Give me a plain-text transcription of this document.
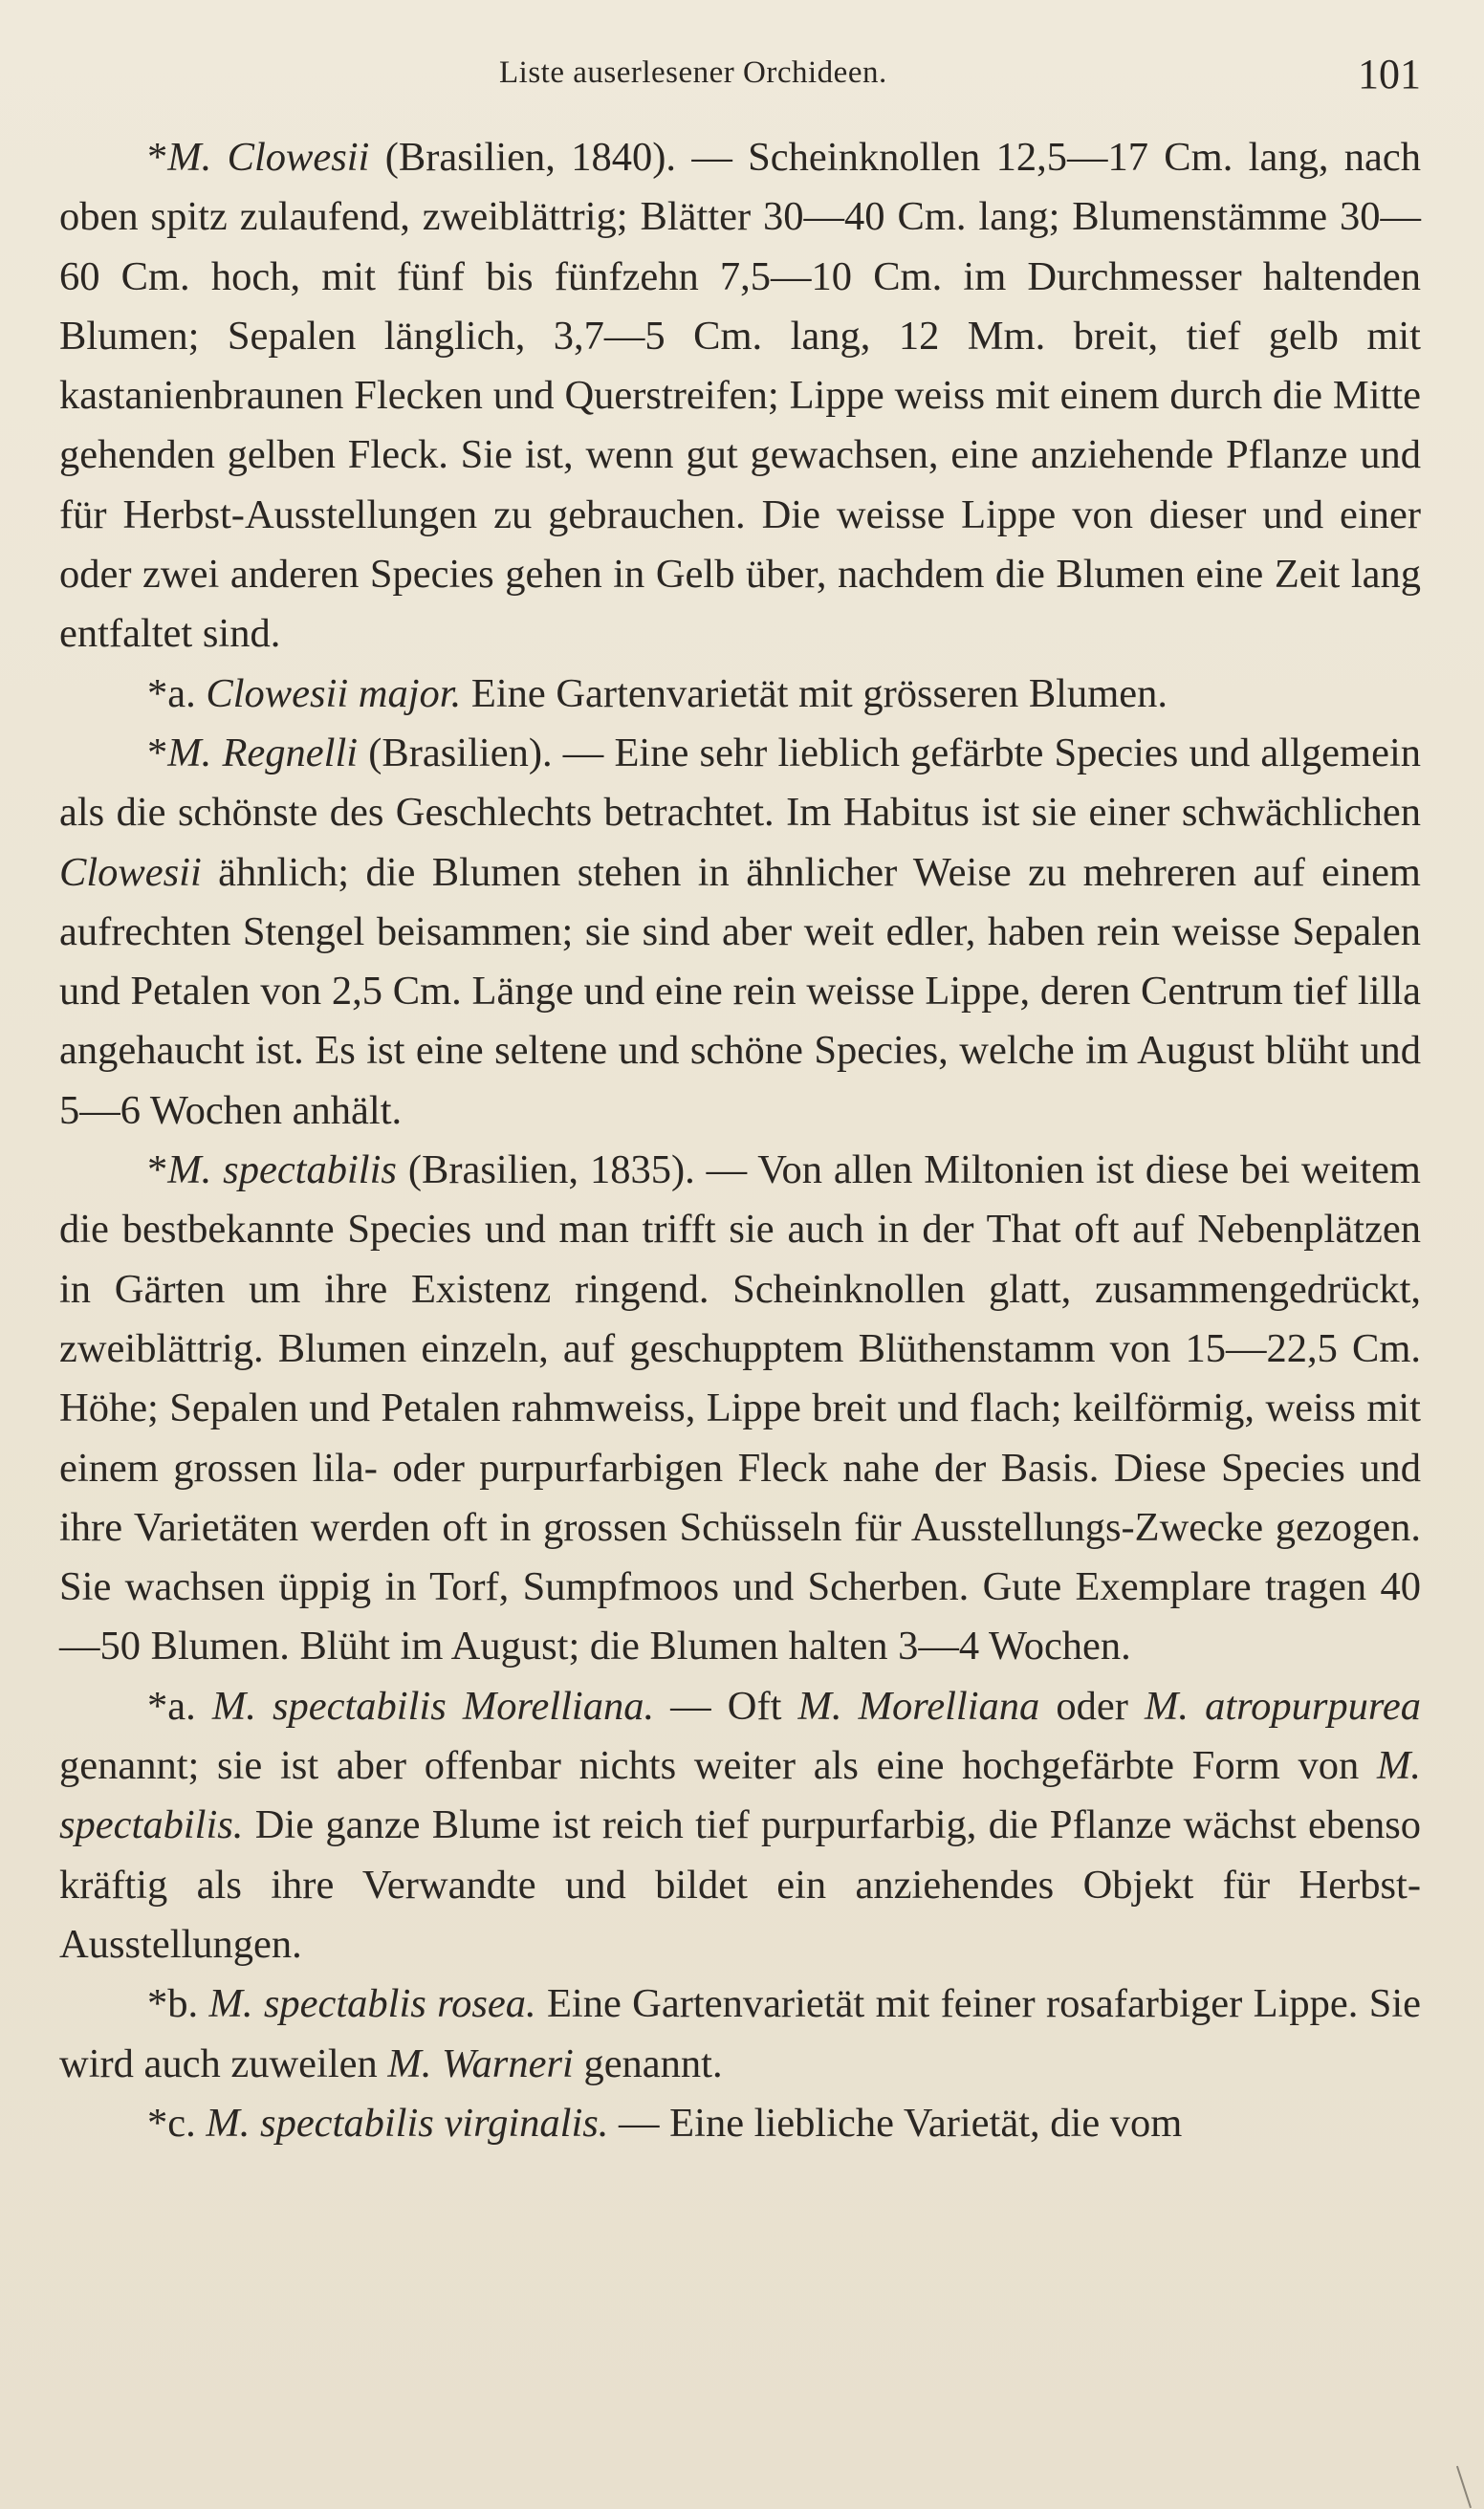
Liste auserlesener Orchideen.	101

*M. Clowesii (Brasilien, 1840). — Scheinknollen 12,5—17 Cm. lang, nach oben spitz zulaufend, zweiblättrig; Blätter 30—40 Cm. lang; Blumenstämme 30—60 Cm. hoch, mit fünf bis fünfzehn 7,5—10 Cm. im Durchmesser haltenden Blumen; Sepalen länglich, 3,7—5 Cm. lang, 12 Mm. breit, tief gelb mit kastanienbraunen Flecken und Querstreifen; Lippe weiss mit einem durch die Mitte gehenden gelben Fleck. Sie ist, wenn gut gewachsen, eine anziehende Pflanze und für Herbst-Ausstellungen zu gebrauchen. Die weisse Lippe von dieser und einer oder zwei anderen Species gehen in Gelb über, nachdem die Blumen eine Zeit lang entfaltet sind.

*a. Clowesii major. Eine Gartenvarietät mit grösseren Blumen.

*M. Regnelli (Brasilien). — Eine sehr lieblich gefärbte Species und allgemein als die schönste des Geschlechts betrachtet. Im Habitus ist sie einer schwächlichen Clowesii ähnlich; die Blumen stehen in ähnlicher Weise zu mehreren auf einem aufrechten Stengel beisammen; sie sind aber weit edler, haben rein weisse Sepalen und Petalen von 2,5 Cm. Länge und eine rein weisse Lippe, deren Centrum tief lilla angehaucht ist. Es ist eine seltene und schöne Species, welche im August blüht und 5—6 Wochen anhält.

*M. spectabilis (Brasilien, 1835). — Von allen Miltonien ist diese bei weitem die bestbekannte Species und man trifft sie auch in der That oft auf Nebenplätzen in Gärten um ihre Existenz ringend. Scheinknollen glatt, zusammengedrückt, zweiblättrig. Blumen einzeln, auf geschupptem Blüthenstamm von 15—22,5 Cm. Höhe; Sepalen und Petalen rahmweiss, Lippe breit und flach; keilförmig, weiss mit einem grossen lila- oder purpurfarbigen Fleck nahe der Basis. Diese Species und ihre Varietäten werden oft in grossen Schüsseln für Ausstellungs-Zwecke gezogen. Sie wachsen üppig in Torf, Sumpfmoos und Scherben. Gute Exemplare tragen 40—50 Blumen. Blüht im August; die Blumen halten 3—4 Wochen.

*a. M. spectabilis Morelliana. — Oft M. Morelliana oder M. atropurpurea genannt; sie ist aber offenbar nichts weiter als eine hochgefärbte Form von M. spectabilis. Die ganze Blume ist reich tief purpurfarbig, die Pflanze wächst ebenso kräftig als ihre Verwandte und bildet ein anziehendes Objekt für Herbst-Ausstellungen.

*b. M. spectablis rosea. Eine Gartenvarietät mit feiner rosafarbiger Lippe. Sie wird auch zuweilen M. Warneri genannt.

*c. M. spectabilis virginalis. — Eine liebliche Varietät, die vom
